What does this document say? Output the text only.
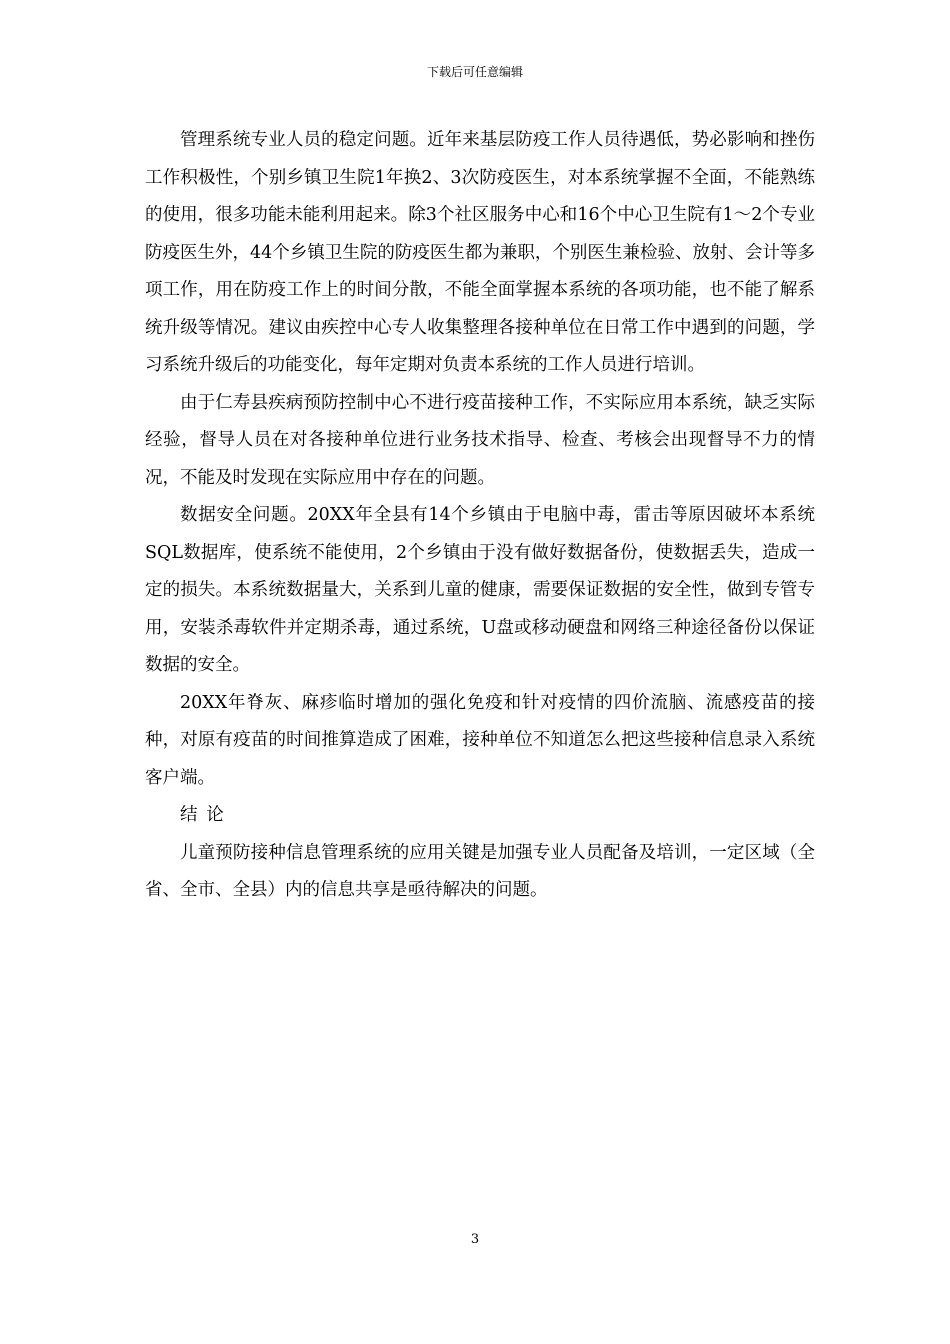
下载后可任意编辑

管理系统专业人员的稳定问题。近年来基层防疫工作人员待遇低，势必影响和挫伤工作积极性，个别乡镇卫生院1年换2、3次防疫医生，对本系统掌握不全面，不能熟练的使用，很多功能未能利用起来。除3个社区服务中心和16个中心卫生院有1～2个专业防疫医生外，44个乡镇卫生院的防疫医生都为兼职，个别医生兼检验、放射、会计等多项工作，用在防疫工作上的时间分散，不能全面掌握本系统的各项功能，也不能了解系统升级等情况。建议由疾控中心专人收集整理各接种单位在日常工作中遇到的问题，学习系统升级后的功能变化，每年定期对负责本系统的工作人员进行培训。

由于仁寿县疾病预防控制中心不进行疫苗接种工作，不实际应用本系统，缺乏实际经验，督导人员在对各接种单位进行业务技术指导、检查、考核会出现督导不力的情况，不能及时发现在实际应用中存在的问题。

数据安全问题。20XX年全县有14个乡镇由于电脑中毒，雷击等原因破坏本系统SQL数据库，使系统不能使用，2个乡镇由于没有做好数据备份，使数据丢失，造成一定的损失。本系统数据量大，关系到儿童的健康，需要保证数据的安全性，做到专管专用，安装杀毒软件并定期杀毒，通过系统，U盘或移动硬盘和网络三种途径备份以保证数据的安全。

20XX年脊灰、麻疹临时增加的强化免疫和针对疫情的四价流脑、流感疫苗的接种，对原有疫苗的时间推算造成了困难，接种单位不知道怎么把这些接种信息录入系统客户端。

结论

儿童预防接种信息管理系统的应用关键是加强专业人员配备及培训，一定区域（全省、全市、全县）内的信息共享是亟待解决的问题。

3
